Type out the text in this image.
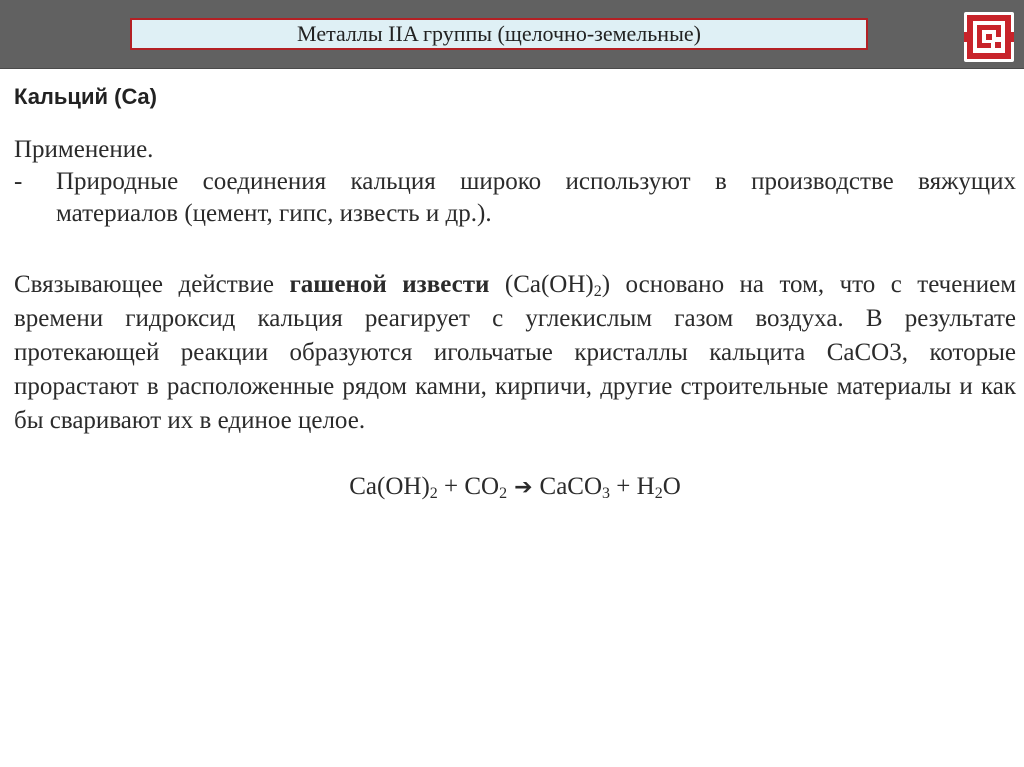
Металлы IIA группы (щелочно-земельные)
Кальций (Ca)
Применение.
-	Природные соединения кальция широко используют в производстве вяжущих материалов (цемент, гипс, известь и др.).
Связывающее действие гашеной извести $(Ca(OH)_2)$ основано на том, что с течением времени гидроксид кальция реагирует с углекислым газом воздуха. В результате протекающей реакции образуются игольчатые кристаллы кальцита CaCO3, которые прорастают в расположенные рядом камни, кирпичи, другие строительные материалы и как бы сваривают их в единое целое.
$Ca(OH)_2 + CO_2$ ➔ CaCO$_3$ + $H_2O$
